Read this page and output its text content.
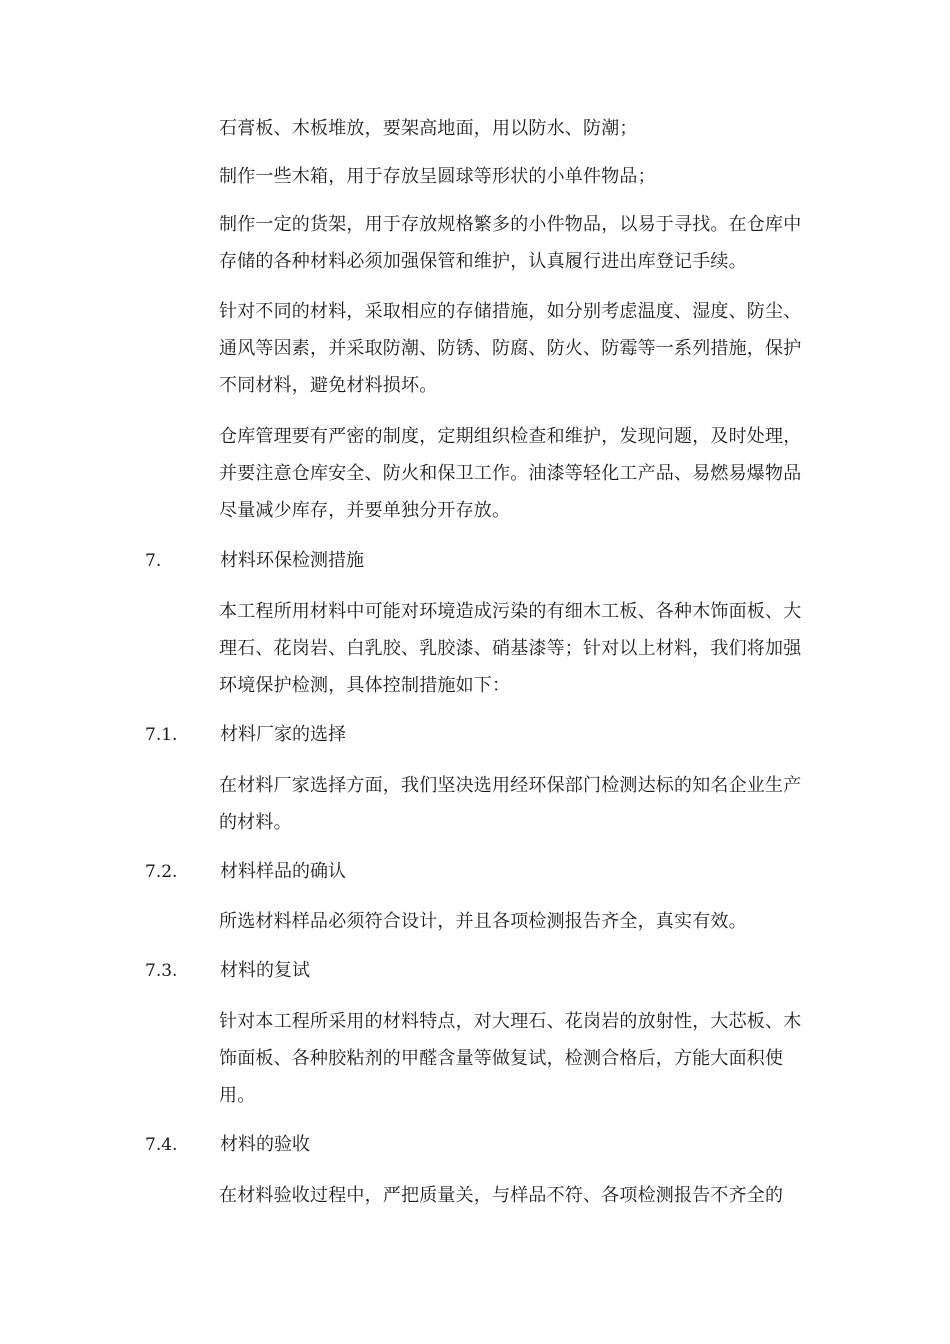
石膏板、木板堆放，要架高地面，用以防水、防潮；

制作一些木箱，用于存放呈圆球等形状的小单件物品；

制作一定的货架，用于存放规格繁多的小件物品，以易于寻找。在仓库中存储的各种材料必须加强保管和维护，认真履行进出库登记手续。

针对不同的材料，采取相应的存储措施，如分别考虑温度、湿度、防尘、通风等因素，并采取防潮、防锈、防腐、防火、防霉等一系列措施，保护不同材料，避免材料损坏。

仓库管理要有严密的制度，定期组织检查和维护，发现问题，及时处理，并要注意仓库安全、防火和保卫工作。油漆等轻化工产品、易燃易爆物品尽量减少库存，并要单独分开存放。

7.	材料环保检测措施

本工程所用材料中可能对环境造成污染的有细木工板、各种木饰面板、大理石、花岗岩、白乳胶、乳胶漆、硝基漆等；针对以上材料，我们将加强环境保护检测，具体控制措施如下：

7.1. 材料厂家的选择

在材料厂家选择方面，我们坚决选用经环保部门检测达标的知名企业生产的材料。

7.2. 材料样品的确认

所选材料样品必须符合设计，并且各项检测报告齐全，真实有效。

7.3. 材料的复试

针对本工程所采用的材料特点，对大理石、花岗岩的放射性，大芯板、木饰面板、各种胶粘剂的甲醛含量等做复试，检测合格后，方能大面积使用。

7.4. 材料的验收

在材料验收过程中，严把质量关，与样品不符、各项检测报告不齐全的
